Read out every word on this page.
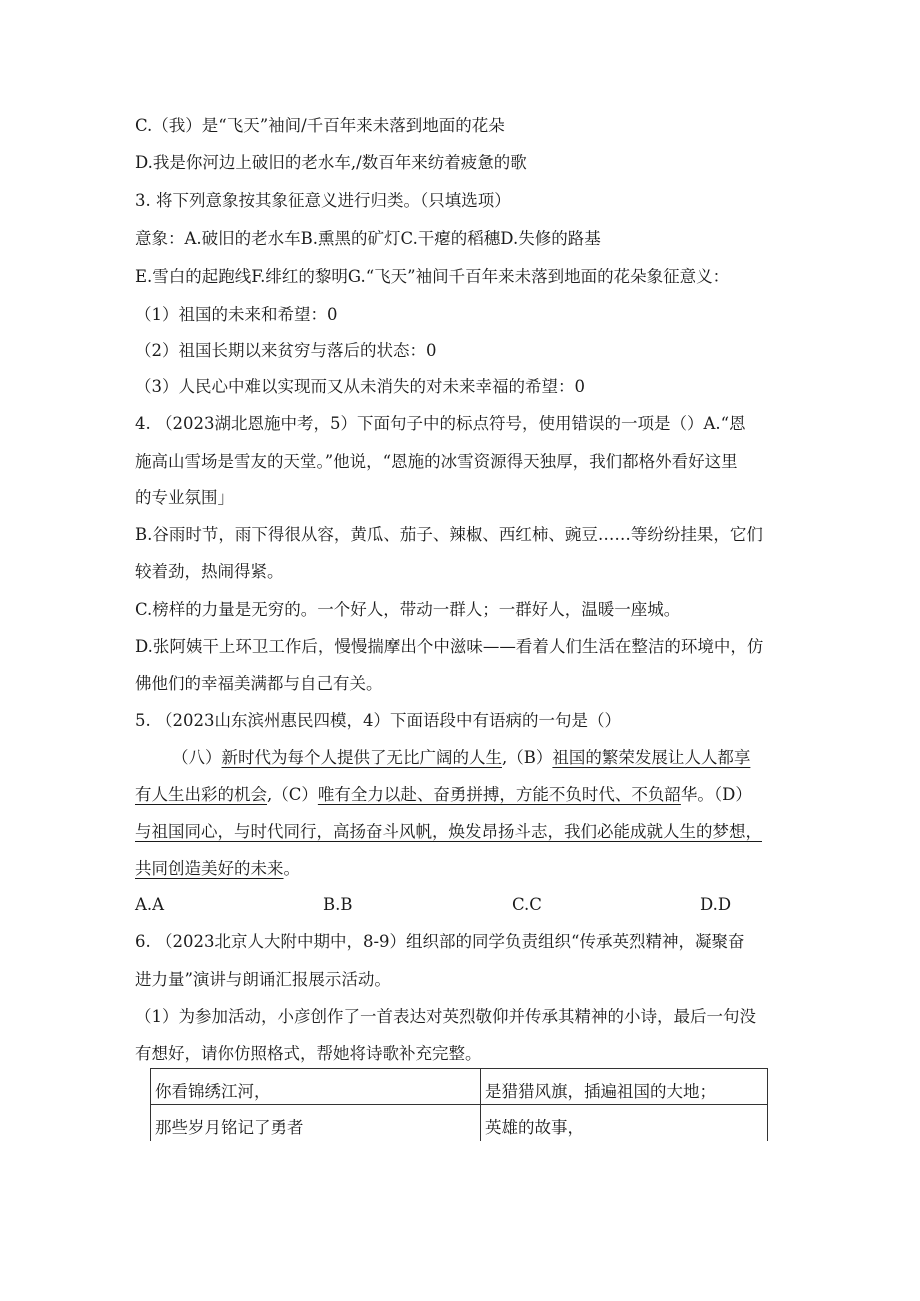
C.（我）是“飞天”袖间/千百年来未落到地面的花朵
D.我是你河边上破旧的老水车,/数百年来纺着疲惫的歌
3. 将下列意象按其象征意义进行归类。（只填选项）
意象：A.破旧的老水车B.熏黑的矿灯C.干瘪的稻穗D.失修的路基
E.雪白的起跑线F.绯红的黎明G.“飞天”袖间千百年来未落到地面的花朵象征意义：
（1）祖国的未来和希望：0
（2）祖国长期以来贫穷与落后的状态：0
（3）人民心中难以实现而又从未消失的对未来幸福的希望：0
4. （2023湖北恩施中考，5）下面句子中的标点符号，使用错误的一项是（）A.“恩
施高山雪场是雪友的天堂。”他说，“恩施的冰雪资源得天独厚，我们都格外看好这里
的专业氛围」
B.谷雨时节，雨下得很从容，黄瓜、茄子、辣椒、西红柿、豌豆……等纷纷挂果，它们
较着劲，热闹得紧。
C.榜样的力量是无穷的。一个好人，带动一群人；一群好人，温暖一座城。
D.张阿姨干上环卫工作后，慢慢揣摩出个中滋味——看着人们生活在整洁的环境中，仿
佛他们的幸福美满都与自己有关。
5. （2023山东滨州惠民四模，4）下面语段中有语病的一句是（）
（八）新时代为每个人提供了无比广阔的人生,（B）祖国的繁荣发展让人人都享
有人生出彩的机会,（C）唯有全力以赴、奋勇拼搏，方能不负时代、不负韶华。（D）
与祖国同心，与时代同行，高扬奋斗风帆，焕发昂扬斗志，我们必能成就人生的梦想，
共同创造美好的未来。
A.A	B.B	C.C	D.D
6. （2023北京人大附中期中，8-9）组织部的同学负责组织“传承英烈精神，凝聚奋
进力量”演讲与朗诵汇报展示活动。
（1）为参加活动，小彦创作了一首表达对英烈敬仰并传承其精神的小诗，最后一句没
有想好，请你仿照格式，帮她将诗歌补充完整。
你看锦绣江河，	是猎猎风旗，插遍祖国的大地；
那些岁月铭记了勇者	英雄的故事，
